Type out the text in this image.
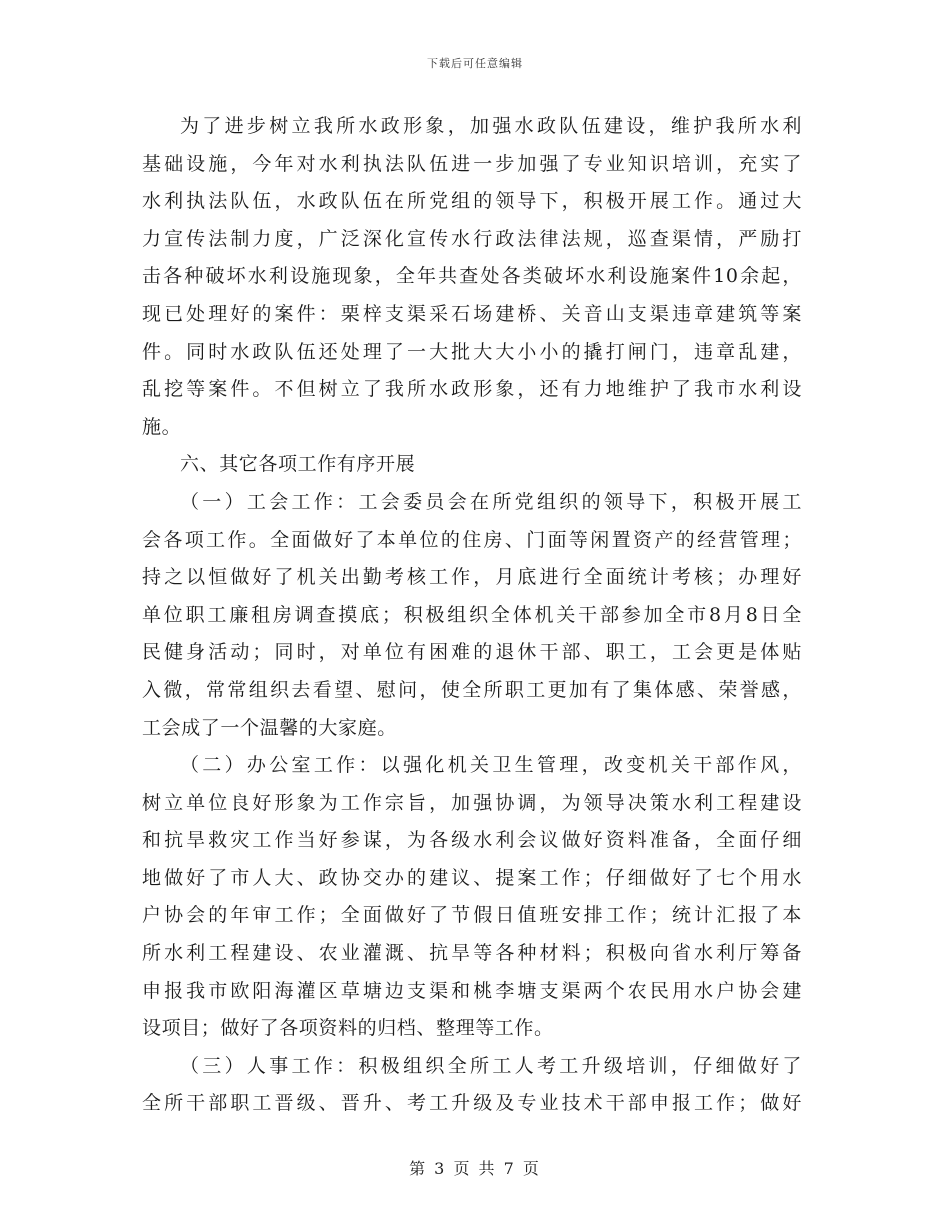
下载后可任意编辑
为了进步树立我所水政形象，加强水政队伍建设，维护我所水利
基础设施，今年对水利执法队伍进一步加强了专业知识培训，充实了
水利执法队伍，水政队伍在所党组的领导下，积极开展工作。通过大
力宣传法制力度，广泛深化宣传水行政法律法规，巡查渠情，严励打
击各种破坏水利设施现象，全年共查处各类破坏水利设施案件10余起，
现已处理好的案件：栗梓支渠采石场建桥、关音山支渠违章建筑等案
件。同时水政队伍还处理了一大批大大小小的撬打闸门，违章乱建，
乱挖等案件。不但树立了我所水政形象，还有力地维护了我市水利设
施。
六、其它各项工作有序开展
（一）工会工作：工会委员会在所党组织的领导下，积极开展工
会各项工作。全面做好了本单位的住房、门面等闲置资产的经营管理；
持之以恒做好了机关出勤考核工作，月底进行全面统计考核；办理好
单位职工廉租房调查摸底；积极组织全体机关干部参加全市8月8日全
民健身活动；同时，对单位有困难的退休干部、职工，工会更是体贴
入微，常常组织去看望、慰问，使全所职工更加有了集体感、荣誉感，
工会成了一个温馨的大家庭。
（二）办公室工作：以强化机关卫生管理，改变机关干部作风，
树立单位良好形象为工作宗旨，加强协调，为领导决策水利工程建设
和抗旱救灾工作当好参谋，为各级水利会议做好资料准备，全面仔细
地做好了市人大、政协交办的建议、提案工作；仔细做好了七个用水
户协会的年审工作；全面做好了节假日值班安排工作；统计汇报了本
所水利工程建设、农业灌溉、抗旱等各种材料；积极向省水利厅筹备
申报我市欧阳海灌区草塘边支渠和桃李塘支渠两个农民用水户协会建
设项目；做好了各项资料的归档、整理等工作。
（三）人事工作：积极组织全所工人考工升级培训，仔细做好了
全所干部职工晋级、晋升、考工升级及专业技术干部申报工作；做好
第 3 页 共 7 页
